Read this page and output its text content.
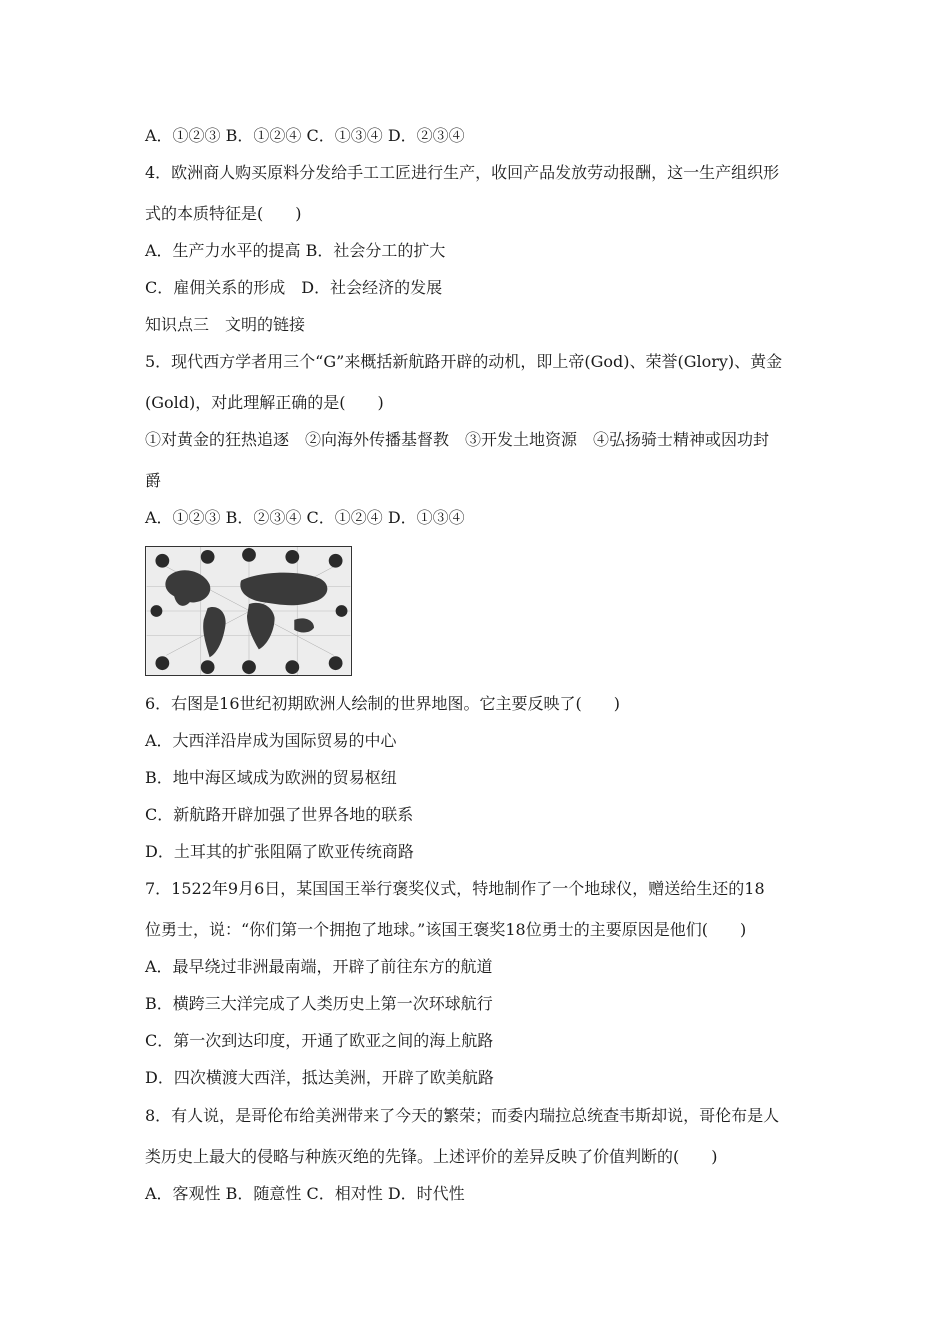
A．①②③ B．①②④ C．①③④ D．②③④
4．欧洲商人购买原料分发给手工工匠进行生产，收回产品发放劳动报酬，这一生产组织形
式的本质特征是(　　)
A．生产力水平的提高 B．社会分工的扩大
C．雇佣关系的形成　D．社会经济的发展
知识点三　文明的链接
5．现代西方学者用三个“G”来概括新航路开辟的动机，即上帝(God)、荣誉(Glory)、黄金
(Gold)，对此理解正确的是(　　)
①对黄金的狂热追逐　②向海外传播基督教　③开发土地资源　④弘扬骑士精神或因功封
爵
A．①②③ B．②③④ C．①②④ D．①③④
6．右图是16世纪初期欧洲人绘制的世界地图。它主要反映了(　　)
A．大西洋沿岸成为国际贸易的中心
B．地中海区域成为欧洲的贸易枢纽
C．新航路开辟加强了世界各地的联系
D．土耳其的扩张阻隔了欧亚传统商路
7．1522年9月6日，某国国王举行褒奖仪式，特地制作了一个地球仪，赠送给生还的18
位勇士，说：“你们第一个拥抱了地球。”该国王褒奖18位勇士的主要原因是他们(　　)
A．最早绕过非洲最南端，开辟了前往东方的航道
B．横跨三大洋完成了人类历史上第一次环球航行
C．第一次到达印度，开通了欧亚之间的海上航路
D．四次横渡大西洋，抵达美洲，开辟了欧美航路
8．有人说，是哥伦布给美洲带来了今天的繁荣；而委内瑞拉总统查韦斯却说，哥伦布是人
类历史上最大的侵略与种族灭绝的先锋。上述评价的差异反映了价值判断的(　　)
A．客观性 B．随意性 C．相对性 D．时代性
